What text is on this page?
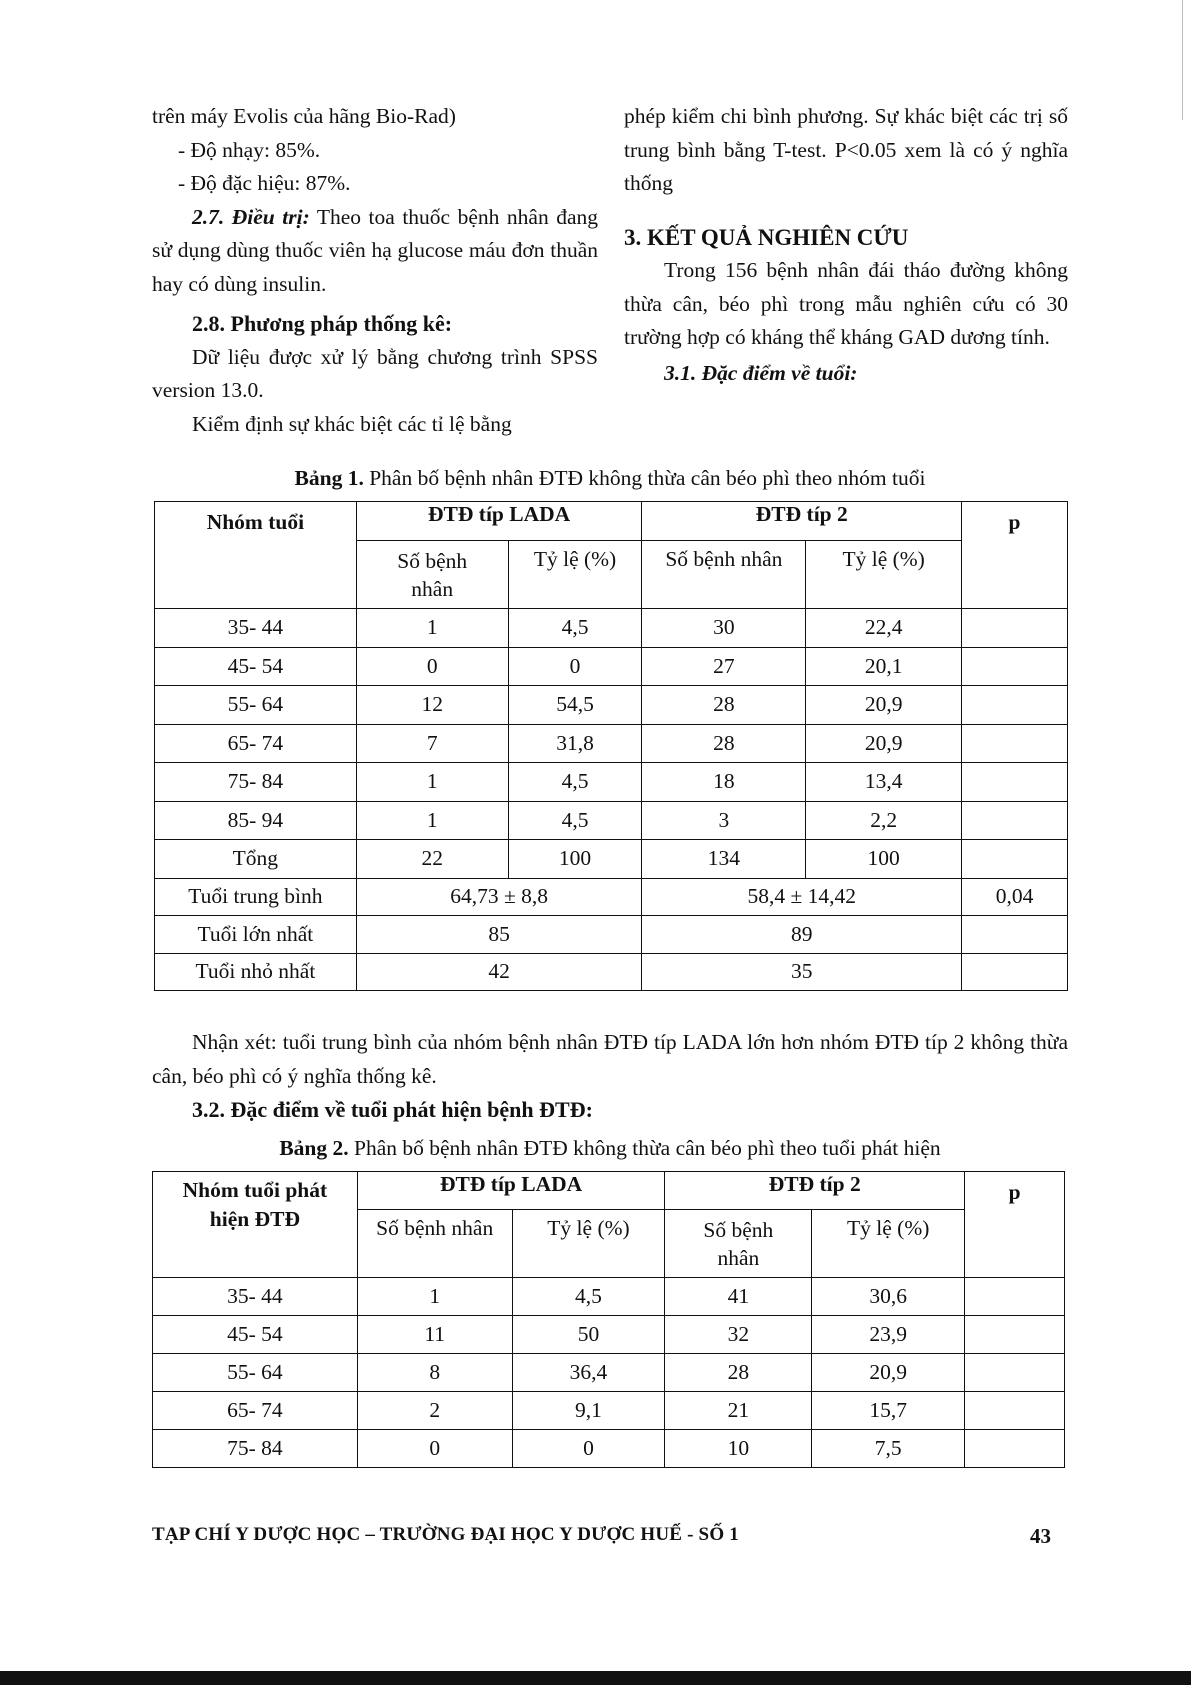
trên máy Evolis của hãng Bio-Rad)

- Độ nhạy: 85%.

- Độ đặc hiệu: 87%.

2.7. Điều trị: Theo toa thuốc bệnh nhân đang sử dụng dùng thuốc viên hạ glucose máu đơn thuần hay có dùng insulin.

2.8. Phương pháp thống kê:

Dữ liệu được xử lý bằng chương trình SPSS version 13.0.

Kiểm định sự khác biệt các tỉ lệ bằng

phép kiểm chi bình phương. Sự khác biệt các trị số trung bình bằng T-test. P<0.05 xem là có ý nghĩa thống

3. KẾT QUẢ NGHIÊN CỨU

Trong 156 bệnh nhân đái tháo đường không thừa cân, béo phì trong mẫu nghiên cứu có 30 trường hợp có kháng thể kháng GAD dương tính.

3.1. Đặc điểm về tuổi:

Bảng 1. Phân bố bệnh nhân ĐTĐ không thừa cân béo phì theo nhóm tuổi
Nhóm tuổi	ĐTĐ típ LADA		ĐTĐ típ 2		p
	Số bệnh nhân	Tỷ lệ (%)	Số bệnh nhân	Tỷ lệ (%)	
35- 44	1	4,5	30	22,4	
45- 54	0	0	27	20,1	
55- 64	12	54,5	28	20,9	
65- 74	7	31,8	28	20,9	
75- 84	1	4,5	18	13,4	
85- 94	1	4,5	3	2,2	
Tổng	22	100	134	100	
Tuổi trung bình	64,73 ± 8,8		58,4 ± 14,42		0,04
Tuổi lớn nhất	85		89		
Tuổi nhỏ nhất	42		35		

Nhận xét: tuổi trung bình của nhóm bệnh nhân ĐTĐ típ LADA lớn hơn nhóm ĐTĐ típ 2 không thừa cân, béo phì có ý nghĩa thống kê.

3.2. Đặc điểm về tuổi phát hiện bệnh ĐTĐ:
Bảng 2. Phân bố bệnh nhân ĐTĐ không thừa cân béo phì theo tuổi phát hiện
Nhóm tuổi phát hiện ĐTĐ	ĐTĐ típ LADA		ĐTĐ típ 2		p
	Số bệnh nhân	Tỷ lệ (%)	Số bệnh nhân	Tỷ lệ (%)	
35- 44	1	4,5	41	30,6	
45- 54	11	50	32	23,9	
55- 64	8	36,4	28	20,9	
65- 74	2	9,1	21	15,7	
75- 84	0	0	10	7,5	
TẠP CHÍ Y DƯỢC HỌC – TRƯỜNG ĐẠI HỌC Y DƯỢC HUẾ - SỐ 1	43
